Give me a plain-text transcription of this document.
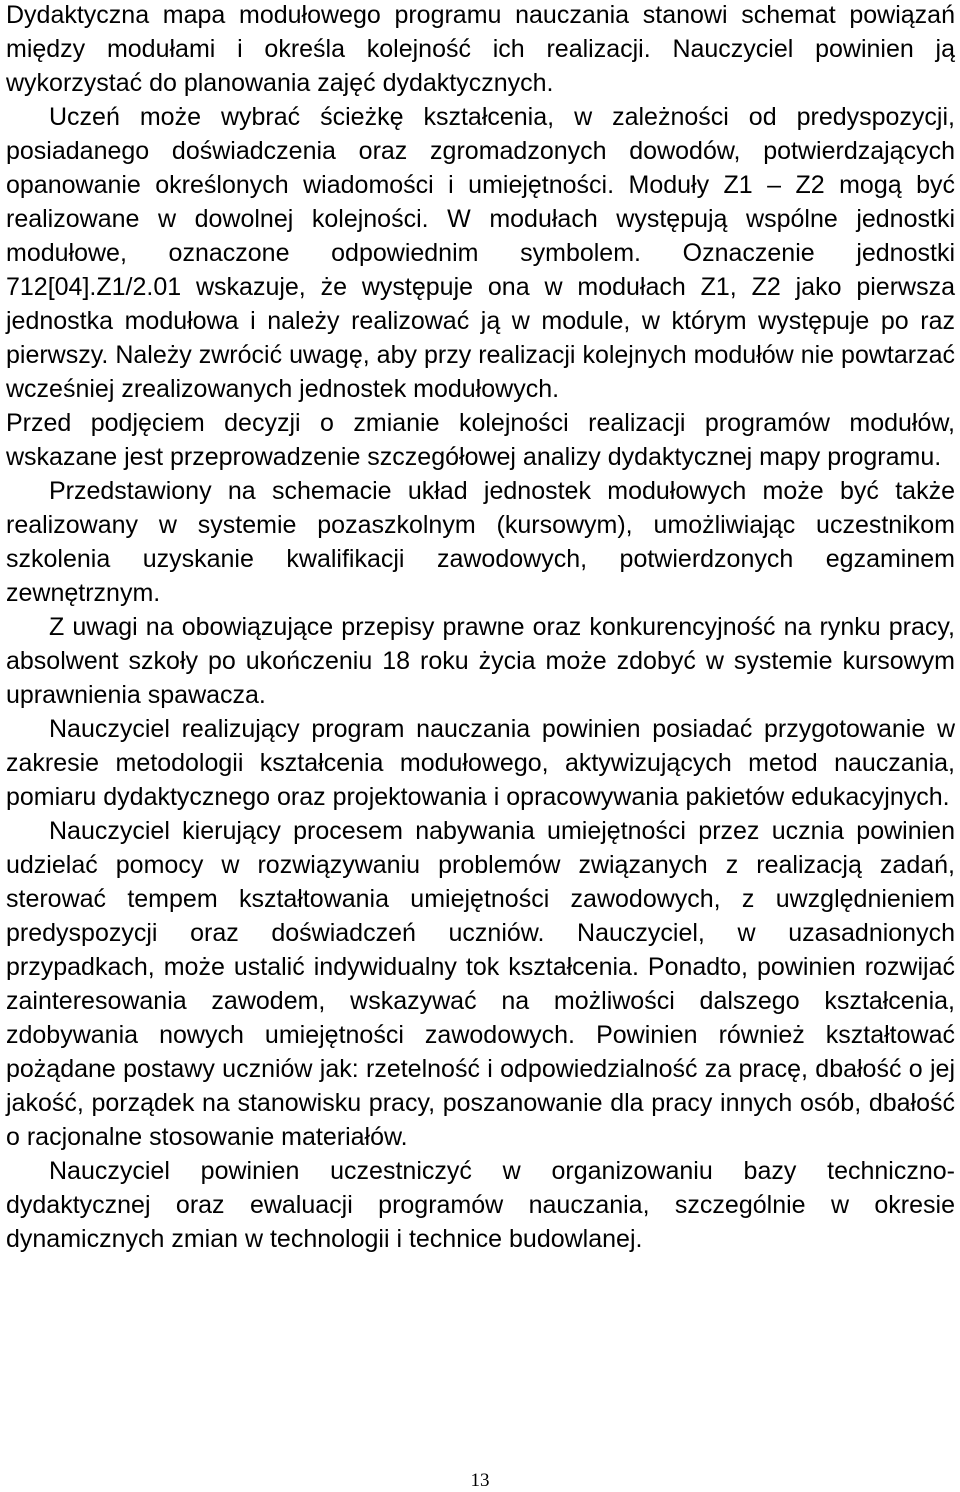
Dydaktyczna mapa modułowego programu nauczania stanowi schemat powiązań między modułami i określa kolejność ich realizacji. Nauczyciel powinien ją wykorzystać do planowania zajęć dydaktycznych.

Uczeń może wybrać ścieżkę kształcenia, w zależności od predyspozycji, posiadanego doświadczenia oraz zgromadzonych dowodów, potwierdzających opanowanie określonych wiadomości i umiejętności. Moduły Z1 – Z2 mogą być realizowane w dowolnej kolejności. W modułach występują wspólne jednostki modułowe, oznaczone odpowiednim symbolem. Oznaczenie jednostki 712[04].Z1/2.01 wskazuje, że występuje ona w modułach Z1, Z2 jako pierwsza jednostka modułowa i należy realizować ją w module, w którym występuje po raz pierwszy. Należy zwrócić uwagę, aby przy realizacji kolejnych modułów nie powtarzać wcześniej zrealizowanych jednostek modułowych.

Przed podjęciem decyzji o zmianie kolejności realizacji programów modułów, wskazane jest przeprowadzenie szczegółowej analizy dydaktycznej mapy programu.

Przedstawiony na schemacie układ jednostek modułowych może być także realizowany w systemie pozaszkolnym (kursowym), umożliwiając uczestnikom szkolenia uzyskanie kwalifikacji zawodowych, potwierdzonych egzaminem zewnętrznym.

Z uwagi na obowiązujące przepisy prawne oraz konkurencyjność na rynku pracy, absolwent szkoły po ukończeniu 18 roku życia może zdobyć w systemie kursowym uprawnienia spawacza.

Nauczyciel realizujący program nauczania powinien posiadać przygotowanie w zakresie metodologii kształcenia modułowego, aktywizujących metod nauczania, pomiaru dydaktycznego oraz projektowania i opracowywania pakietów edukacyjnych.

Nauczyciel kierujący procesem nabywania umiejętności przez ucznia powinien udzielać pomocy w rozwiązywaniu problemów związanych z realizacją zadań, sterować tempem kształtowania umiejętności zawodowych, z uwzględnieniem predyspozycji oraz doświadczeń uczniów. Nauczyciel, w uzasadnionych przypadkach, może ustalić indywidualny tok kształcenia. Ponadto, powinien rozwijać zainteresowania zawodem, wskazywać na możliwości dalszego kształcenia, zdobywania nowych umiejętności zawodowych. Powinien również kształtować pożądane postawy uczniów jak: rzetelność i odpowiedzialność za pracę, dbałość o jej jakość, porządek na stanowisku pracy, poszanowanie dla pracy innych osób, dbałość o racjonalne stosowanie materiałów.

Nauczyciel powinien uczestniczyć w organizowaniu bazy techniczno-dydaktycznej oraz ewaluacji programów nauczania, szczególnie w okresie dynamicznych zmian w technologii i technice budowlanej.

13
